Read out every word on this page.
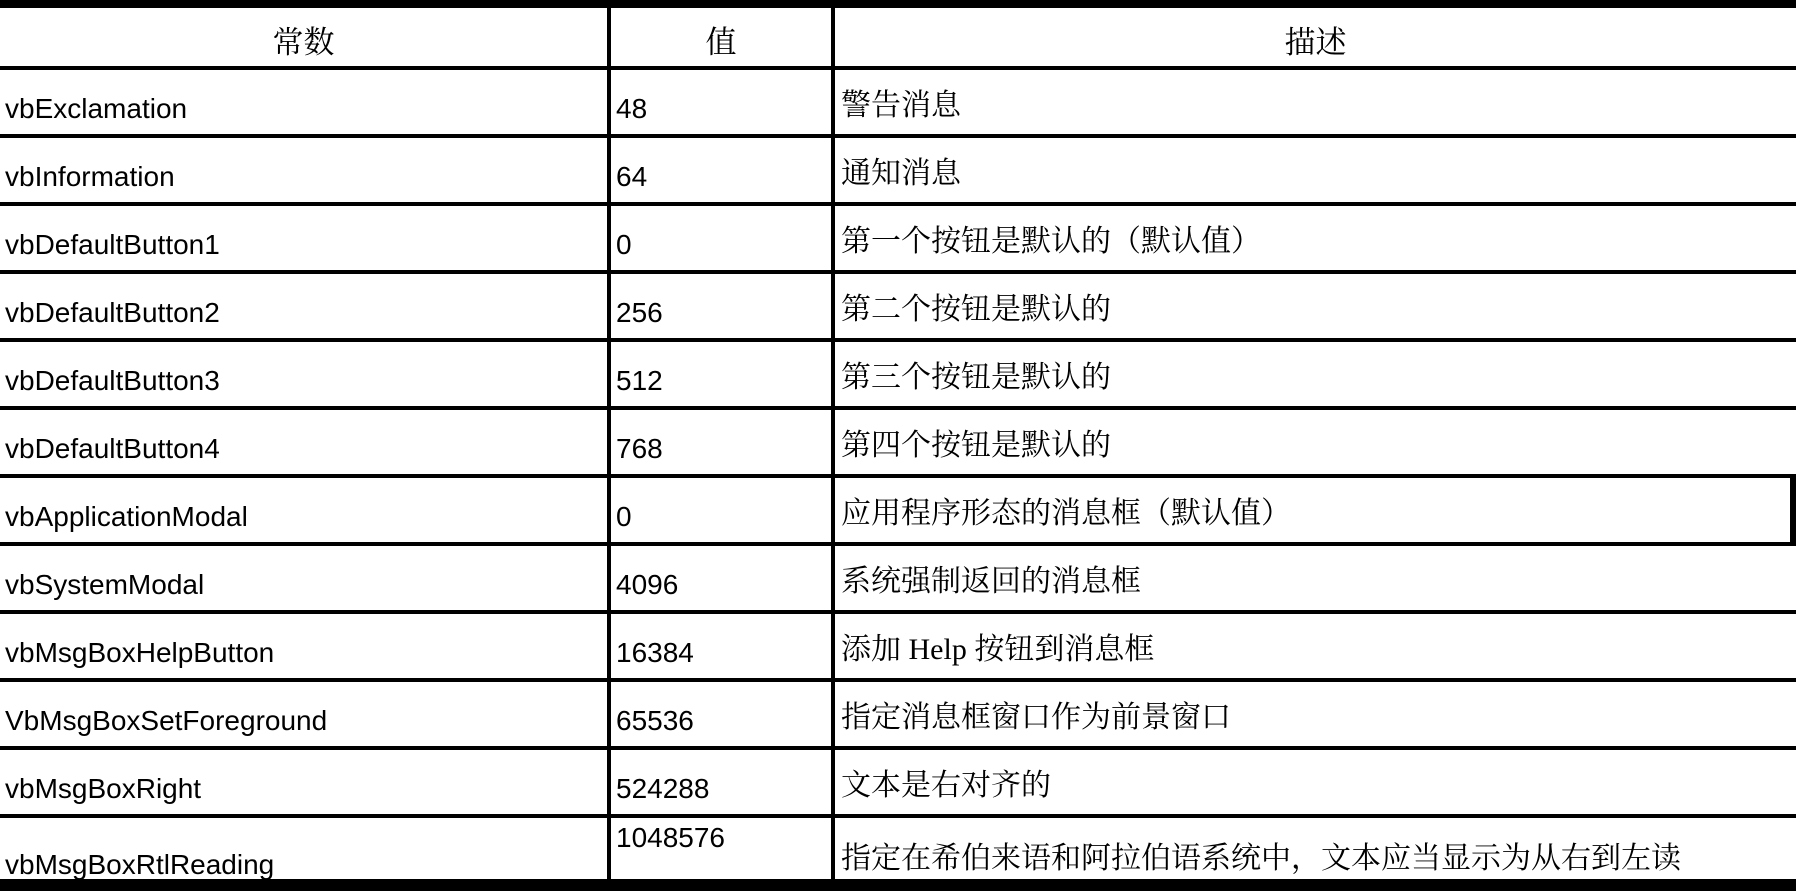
常数	值	描述
vbExclamation	48	警告消息
vbInformation	64	通知消息
vbDefaultButton1	0	第一个按钮是默认的（默认值）
vbDefaultButton2	256	第二个按钮是默认的
vbDefaultButton3	512	第三个按钮是默认的
vbDefaultButton4	768	第四个按钮是默认的
vbApplicationModal	0	应用程序形态的消息框（默认值）
vbSystemModal	4096	系统强制返回的消息框
vbMsgBoxHelpButton	16384	添加 Help 按钮到消息框
VbMsgBoxSetForeground	65536	指定消息框窗口作为前景窗口
vbMsgBoxRight	524288	文本是右对齐的
vbMsgBoxRtlReading	1048576	指定在希伯来语和阿拉伯语系统中，文本应当显示为从右到左读
